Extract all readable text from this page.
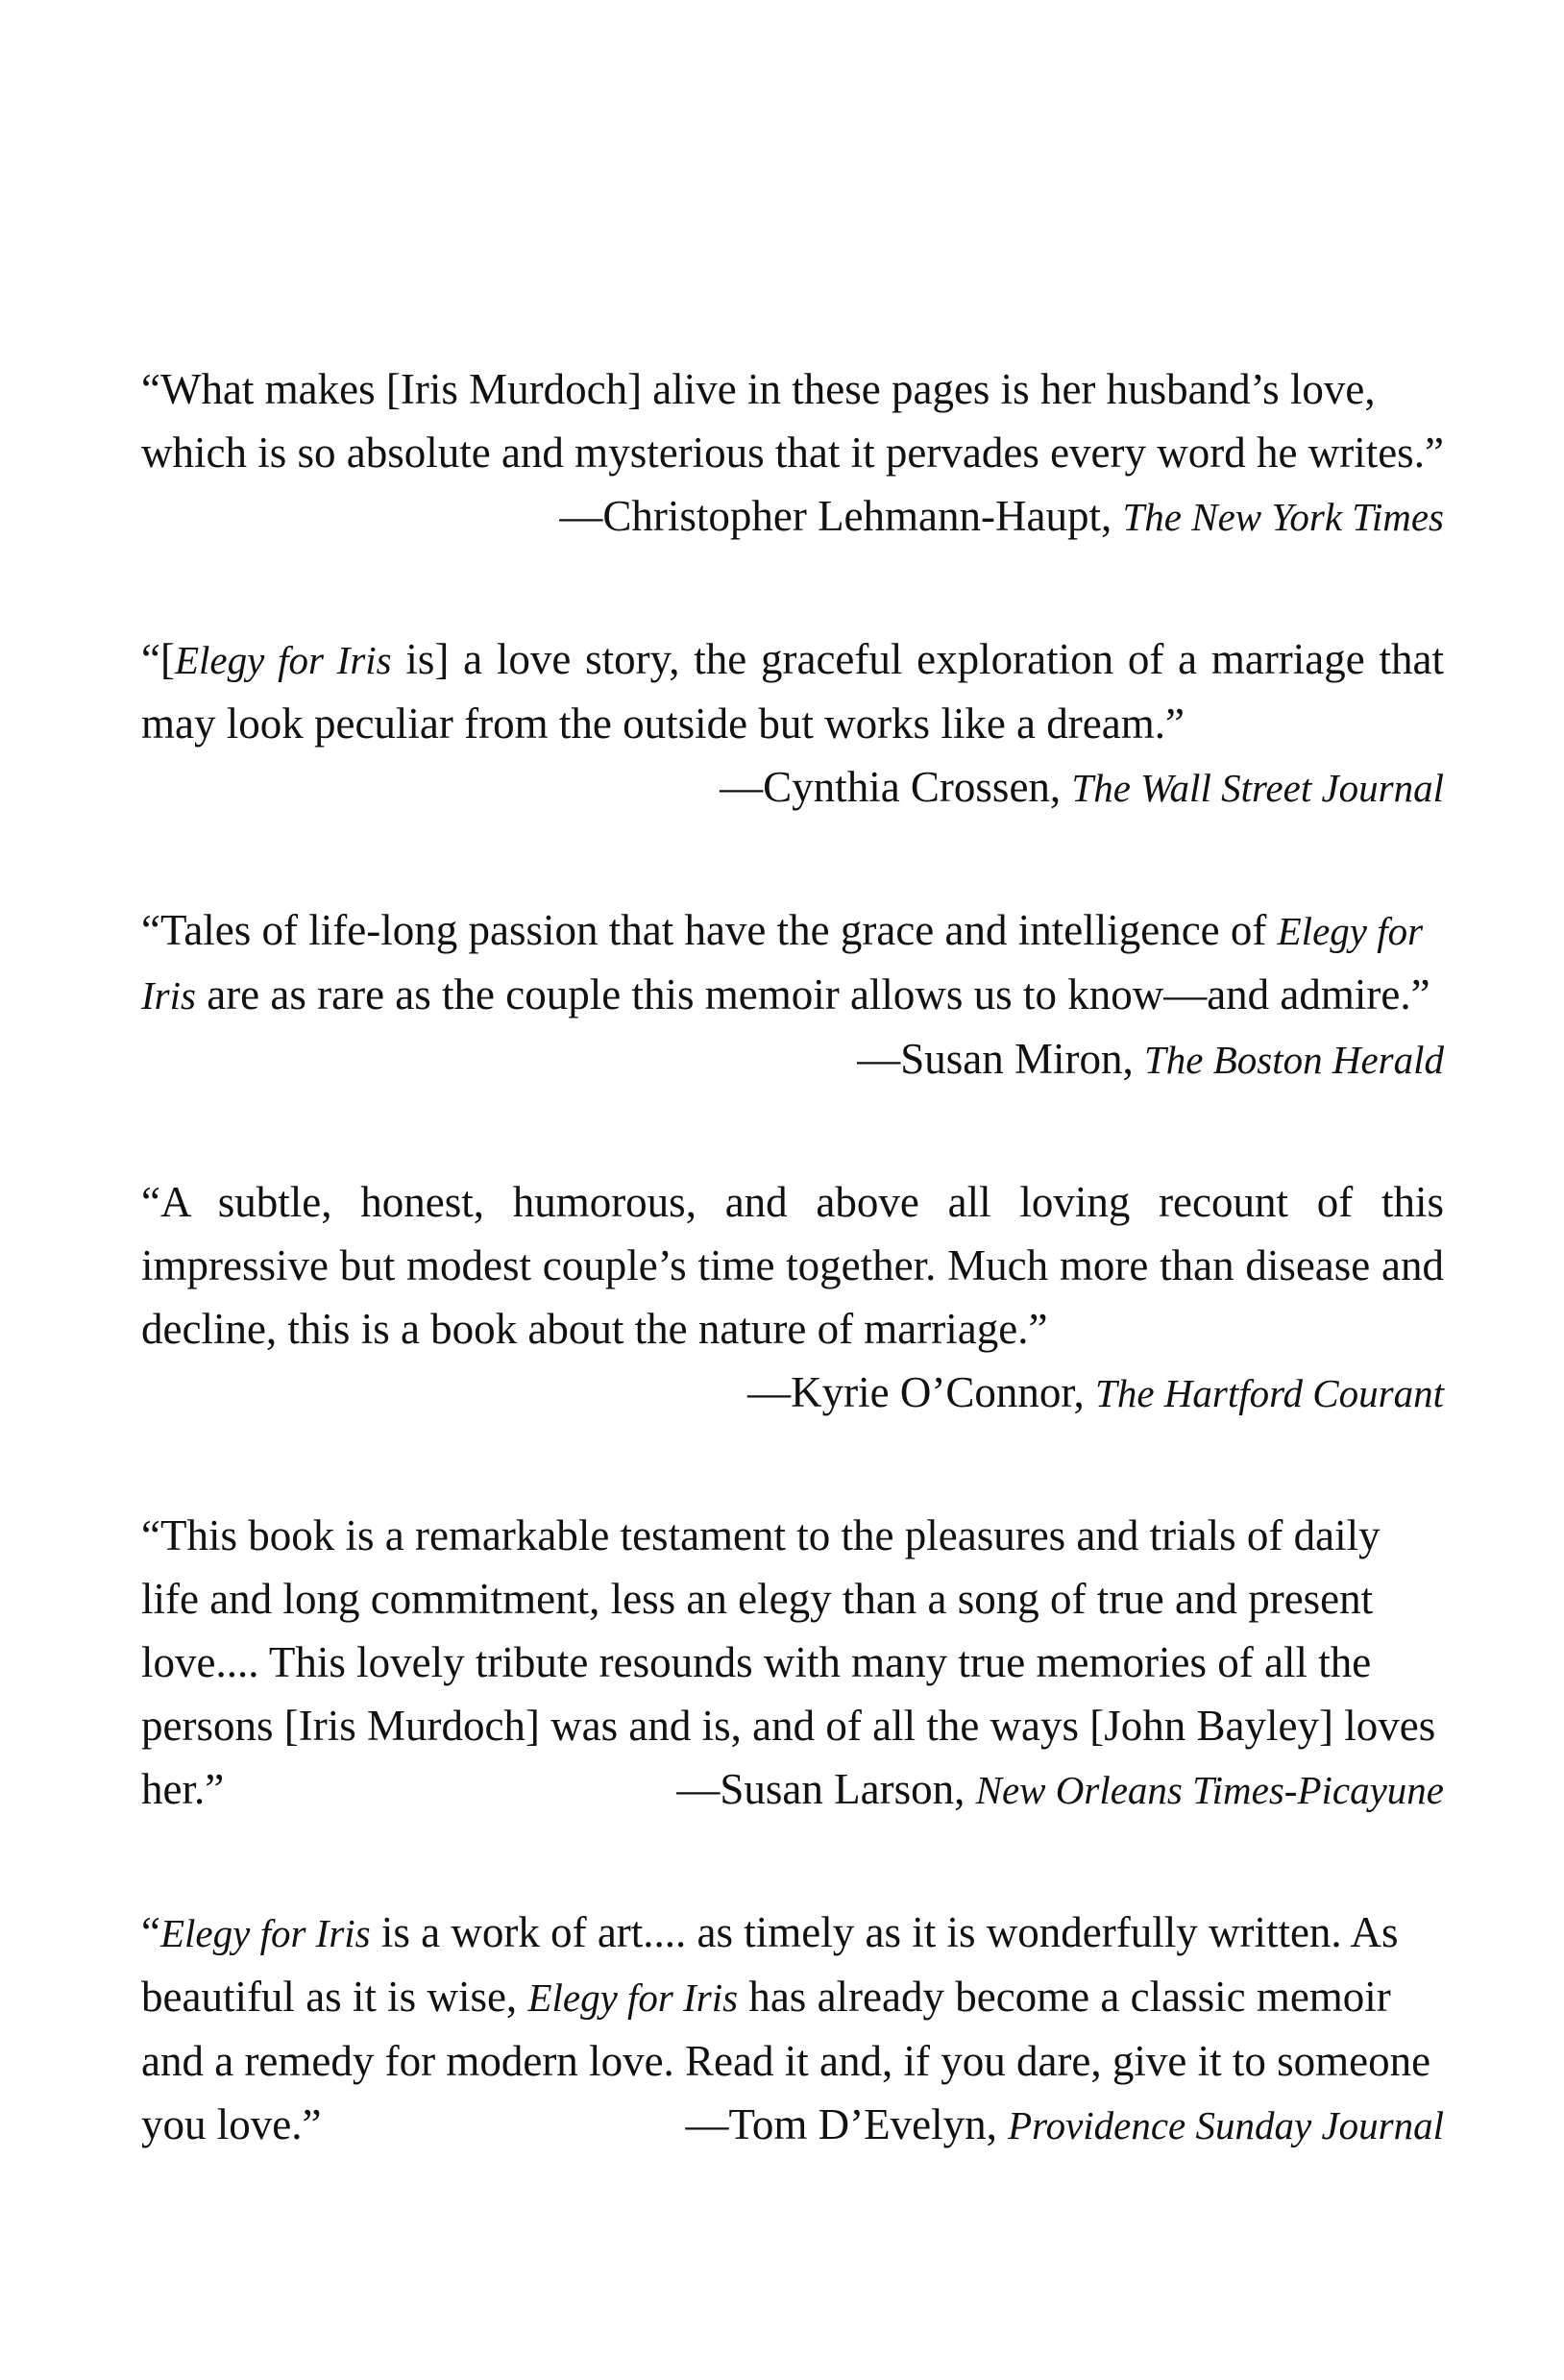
“What makes [Iris Murdoch] alive in these pages is her husband’s love, which is so absolute and mysterious that it pervades every word he writes.”
—Christopher Lehmann-Haupt, The New York Times
“[Elegy for Iris is] a love story, the graceful exploration of a marriage that may look peculiar from the outside but works like a dream.”
—Cynthia Crossen, The Wall Street Journal
“Tales of life-long passion that have the grace and intelligence of Elegy for Iris are as rare as the couple this memoir allows us to know—and admire.”
—Susan Miron, The Boston Herald
“A subtle, honest, humorous, and above all loving recount of this impressive but modest couple’s time together. Much more than disease and decline, this is a book about the nature of marriage.”
—Kyrie O’Connor, The Hartford Courant
“This book is a remarkable testament to the pleasures and trials of daily life and long commitment, less an elegy than a song of true and present love.... This lovely tribute resounds with many true memories of all the persons [Iris Murdoch] was and is, and of all the ways [John Bayley] loves her.”	—Susan Larson, New Orleans Times-Picayune
“Elegy for Iris is a work of art.... as timely as it is wonderfully written. As beautiful as it is wise, Elegy for Iris has already become a classic memoir and a remedy for modern love. Read it and, if you dare, give it to someone you love.”	—Tom D’Evelyn, Providence Sunday Journal
